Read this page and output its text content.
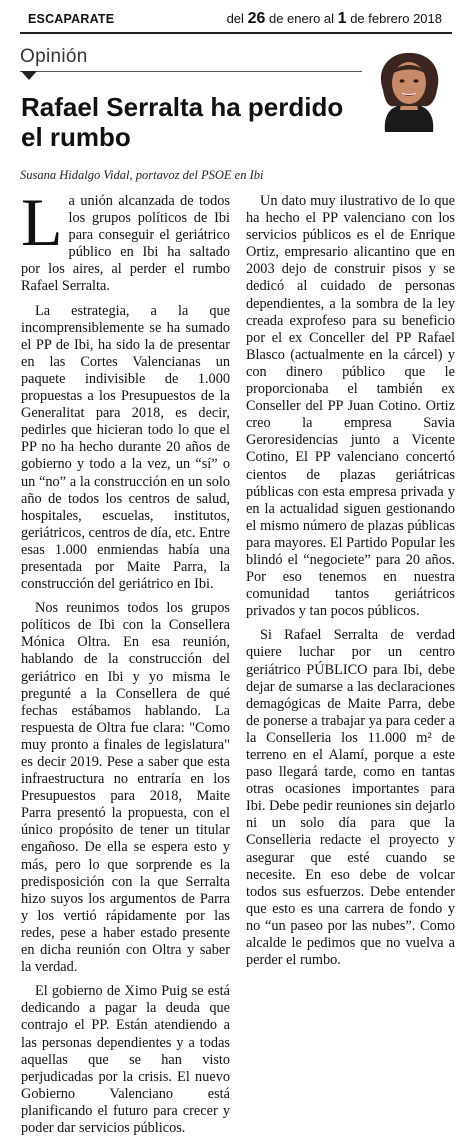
ESCAPARATE	del 26 de enero al 1 de febrero 2018
Opinión
Rafael Serralta ha perdido el rumbo

Susana Hidalgo Vidal, portavoz del PSOE en Ibi

La unión alcanzada de todos los grupos políticos de Ibi para conseguir el geriátrico público en Ibi ha saltado por los aires, al perder el rumbo Rafael Serralta.

La estrategia, a la que incomprensiblemente se ha sumado el PP de Ibi, ha sido la de presentar en las Cortes Valencianas un paquete indivisible de 1.000 propuestas a los Presupuestos de la Generalitat para 2018, es decir, pedirles que hicieran todo lo que el PP no ha hecho durante 20 años de gobierno y todo a la vez, un “sí” o un “no” a la construcción en un solo año de todos los centros de salud, hospitales, escuelas, institutos, geriátricos, centros de día, etc. Entre esas 1.000 enmiendas había una presentada por Maite Parra, la construcción del geriátrico en Ibi.

Nos reunimos todos los grupos políticos de Ibi con la Consellera Mónica Oltra. En esa reunión, hablando de la construcción del geriátrico en Ibi y yo misma le pregunté a la Consellera de qué fechas estábamos hablando. La respuesta de Oltra fue clara: "Como muy pronto a finales de legislatura" es decir 2019. Pese a saber que esta infraestructura no entraría en los Presupuestos para 2018, Maite Parra presentó la propuesta, con el único propósito de tener un titular engañoso. De ella se espera esto y más, pero lo que sorprende es la predisposición con la que Serralta hizo suyos los argumentos de Parra y los vertió rápidamente por las redes, pese a haber estado presente en dicha reunión con Oltra y saber la verdad.

El gobierno de Ximo Puig se está dedicando a pagar la deuda que contrajo el PP. Están atendiendo a las personas dependientes y a todas aquellas que se han visto perjudicadas por la crisis. El nuevo Gobierno Valenciano está planificando el futuro para crecer y poder dar servicios públicos.

Un dato muy ilustrativo de lo que ha hecho el PP valenciano con los servicios públicos es el de Enrique Ortiz, empresario alicantino que en 2003 dejo de construir pisos y se dedicó al cuidado de personas dependientes, a la sombra de la ley creada exprofeso para su beneficio por el ex Conceller del PP Rafael Blasco (actualmente en la cárcel) y con dinero público que le proporcionaba el también ex Conseller del PP Juan Cotino. Ortiz creo la empresa Savia Geroresidencias junto a Vicente Cotino, El PP valenciano concertó cientos de plazas geriátricas públicas con esta empresa privada y en la actualidad siguen gestionando el mismo número de plazas públicas para mayores. El Partido Popular les blindó el “negociete” para 20 años. Por eso tenemos en nuestra comunidad tantos geriátricos privados y tan pocos públicos.

Si Rafael Serralta de verdad quiere luchar por un centro geriátrico PÚBLICO para Ibi, debe dejar de sumarse a las declaraciones demagógicas de Maite Parra, debe de ponerse a trabajar ya para ceder a la Conselleria los 11.000 m² de terreno en el Alamí, porque a este paso llegará tarde, como en tantas otras ocasiones importantes para Ibi. Debe pedir reuniones sin dejarlo ni un solo día para que la Conselleria redacte el proyecto y asegurar que esté cuando se necesite. En eso debe de volcar todos sus esfuerzos. Debe entender que esto es una carrera de fondo y no “un paseo por las nubes”. Como alcalde le pedimos que no vuelva a perder el rumbo.
